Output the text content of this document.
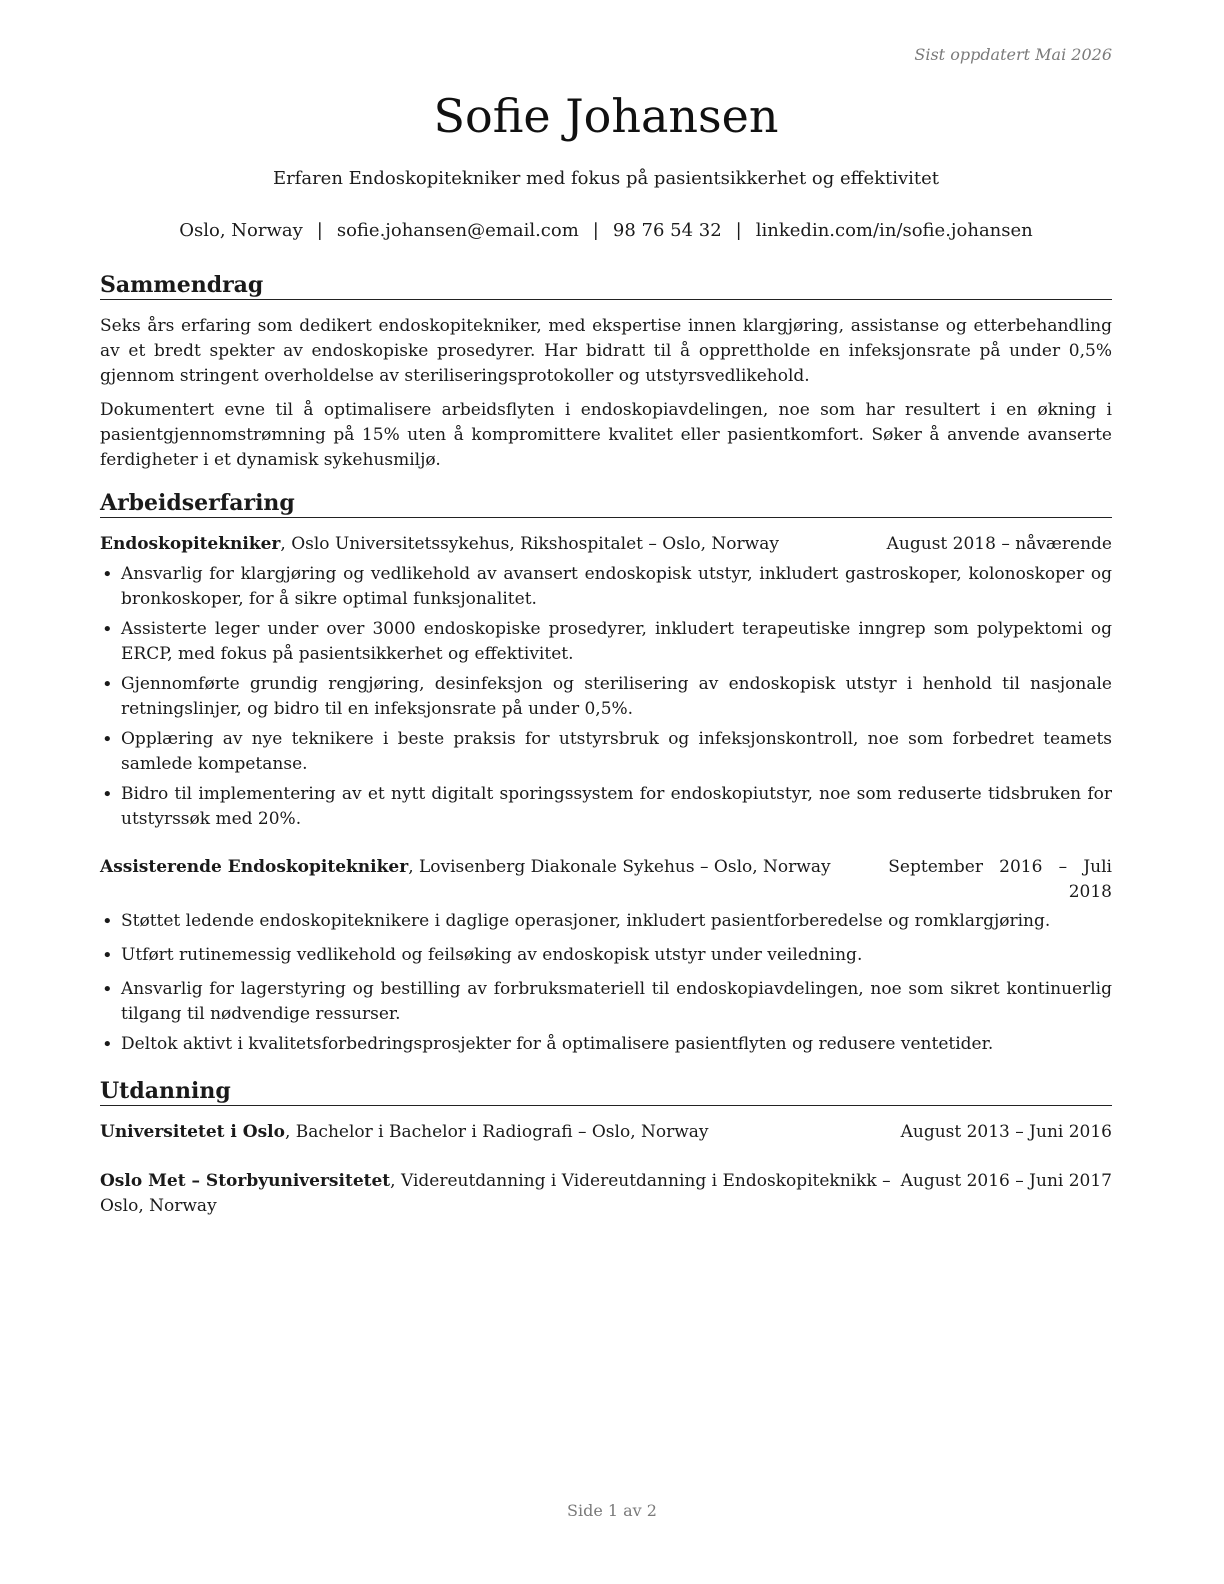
Sist oppdatert Mai 2026
Sofie Johansen
Erfaren Endoskopitekniker med fokus på pasientsikkerhet og effektivitet
Oslo, Norway | sofie.johansen@email.com | 98 76 54 32 | linkedin.com/in/sofie.johansen
Sammendrag

Seks års erfaring som dedikert endoskopitekniker, med ekspertise innen klargjøring, assistanse og etterbehandling av et bredt spekter av endoskopiske prosedyrer. Har bidratt til å opprettholde en infeksjonsrate på under 0,5% gjennom stringent overholdelse av steriliseringsprotokoller og utstyrsvedlikehold.

Dokumentert evne til å optimalisere arbeidsflyten i endoskopiavdelingen, noe som har resultert i en økning i pasientgjennomstrømning på 15% uten å kompromittere kvalitet eller pasientkomfort. Søker å anvende avanserte ferdigheter i et dynamisk sykehusmiljø.

Arbeidserfaring
Endoskopitekniker, Oslo Universitetssykehus, Rikshospitalet – Oslo, Norway	August 2018 – nåværende
• Ansvarlig for klargjøring og vedlikehold av avansert endoskopisk utstyr, inkludert gastroskoper, kolonoskoper og bronkoskoper, for å sikre optimal funksjonalitet.
• Assisterte leger under over 3000 endoskopiske prosedyrer, inkludert terapeutiske inngrep som polypektomi og ERCP, med fokus på pasientsikkerhet og effektivitet.
• Gjennomførte grundig rengjøring, desinfeksjon og sterilisering av endoskopisk utstyr i henhold til nasjonale retningslinjer, og bidro til en infeksjonsrate på under 0,5%.
• Opplæring av nye teknikere i beste praksis for utstyrsbruk og infeksjonskontroll, noe som forbedret teamets samlede kompetanse.
• Bidro til implementering av et nytt digitalt sporingssystem for endoskopiutstyr, noe som reduserte tidsbruken for utstyrssøk med 20%.
Assisterende Endoskopitekniker, Lovisenberg Diakonale Sykehus – Oslo, Norway	September   2016   –   Juli
2018
• Støttet ledende endoskopiteknikere i daglige operasjoner, inkludert pasientforberedelse og romklargjøring.
• Utført rutinemessig vedlikehold og feilsøking av endoskopisk utstyr under veiledning.
• Ansvarlig for lagerstyring og bestilling av forbruksmateriell til endoskopiavdelingen, noe som sikret kontinuerlig tilgang til nødvendige ressurser.
• Deltok aktivt i kvalitetsforbedringsprosjekter for å optimalisere pasientflyten og redusere ventetider.
Utdanning
Universitetet i Oslo, Bachelor i Bachelor i Radiografi – Oslo, Norway	August 2013 – Juni 2016
Oslo Met – Storbyuniversitetet, Videreutdanning i Videreutdanning i Endoskopiteknikk –
Oslo, Norway
August 2016 – Juni 2017
Side 1 av 2
